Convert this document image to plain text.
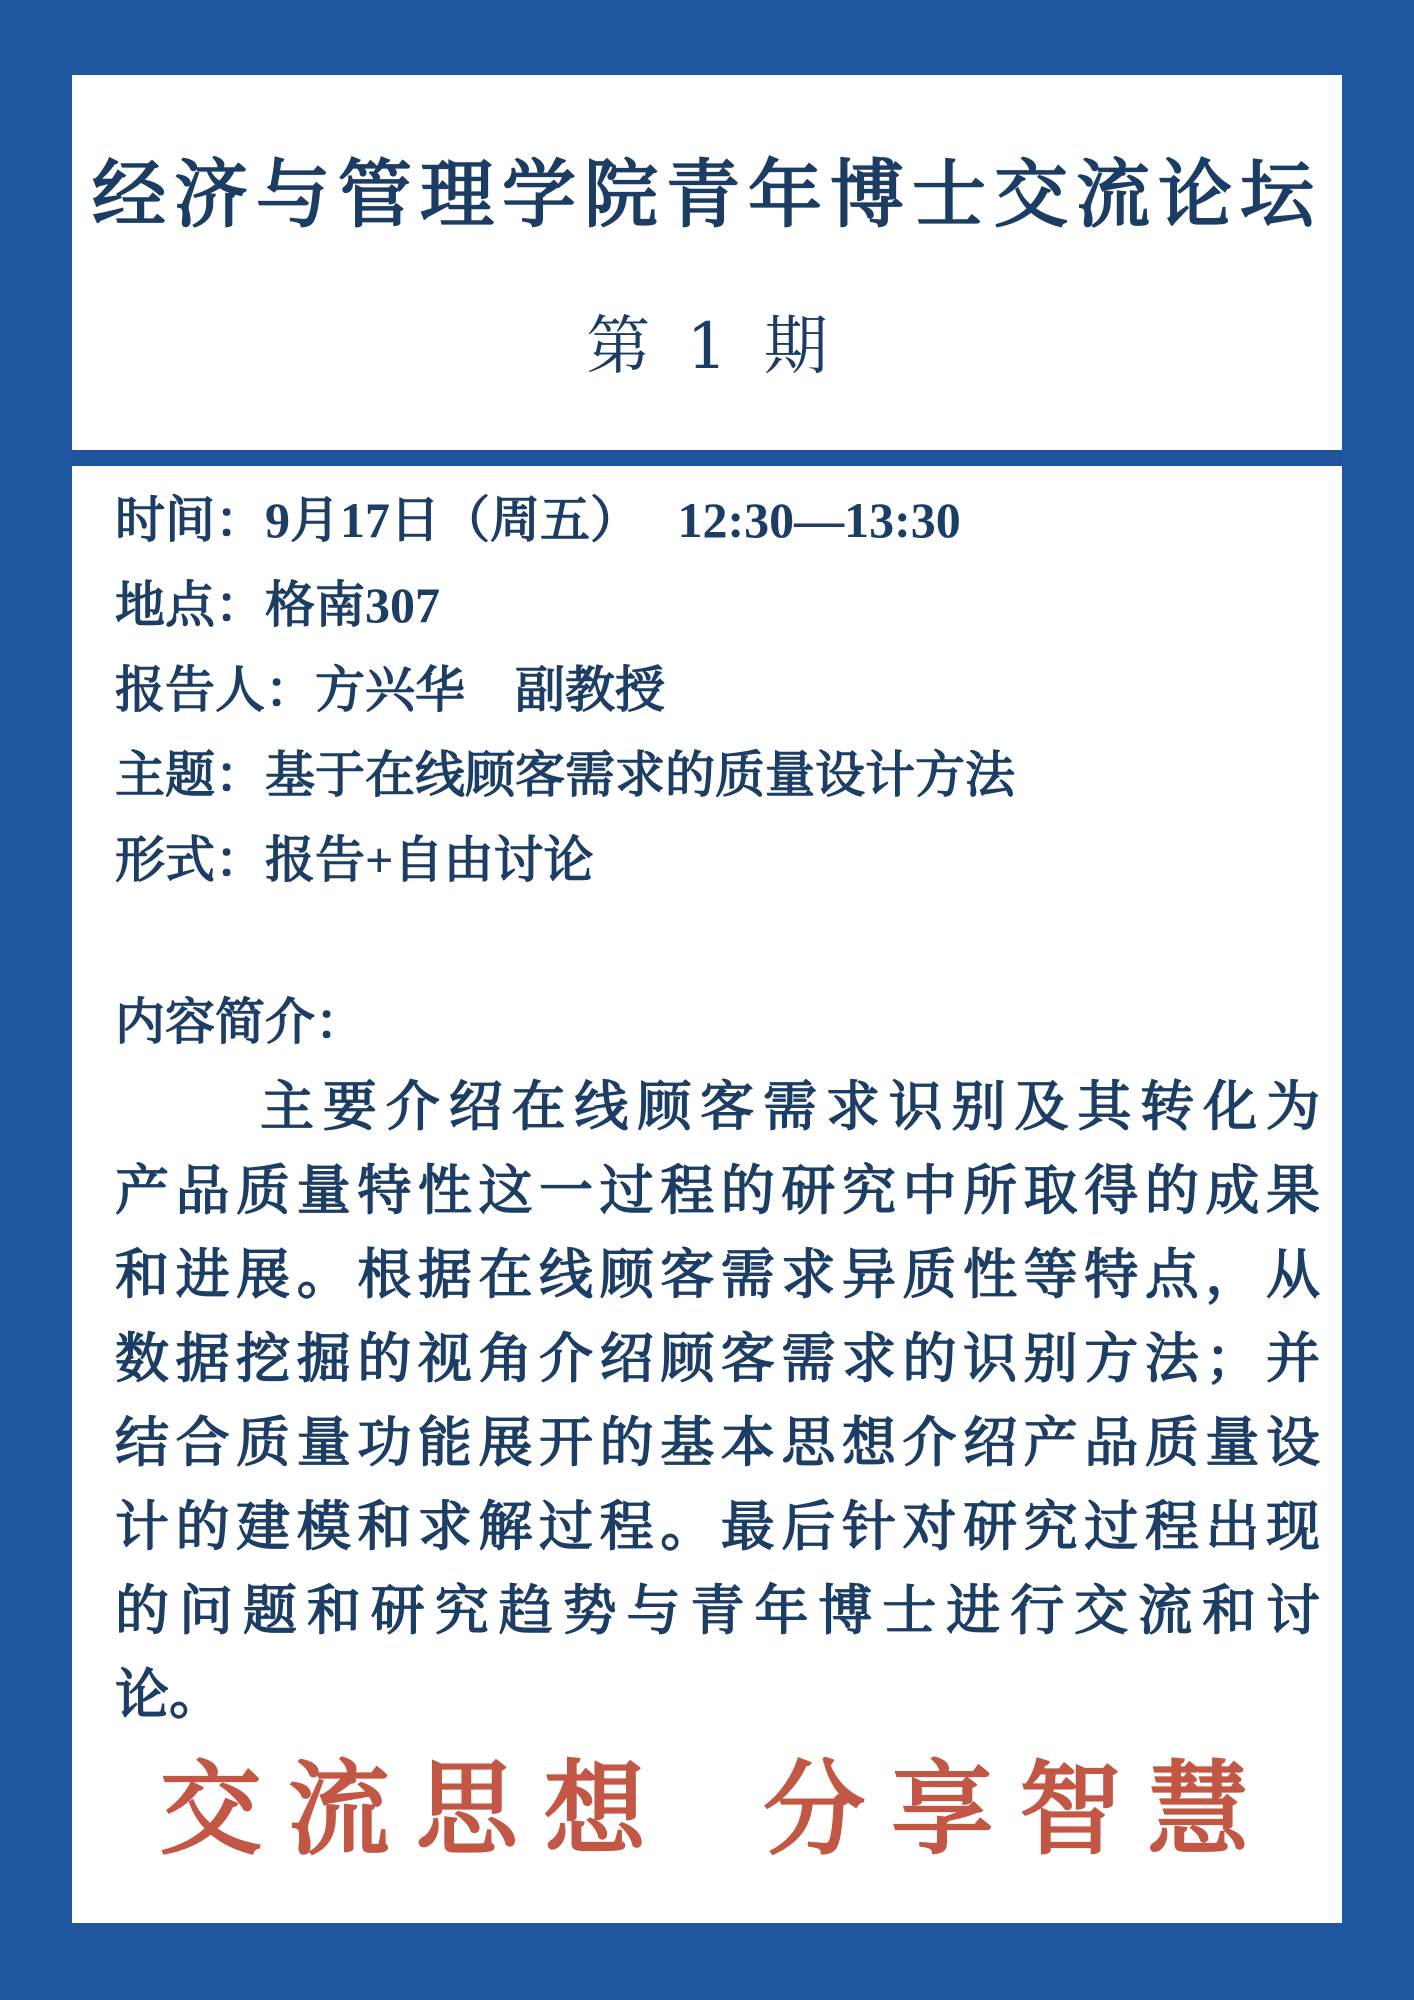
经济与管理学院青年博士交流论坛
第 1 期
时间：9月17日（周五）　 12:30—13:30
地点：格南307
报告人：方兴华　副教授
主题：基于在线顾客需求的质量设计方法
形式：报告+自由讨论
内容简介：
主要介绍在线顾客需求识别及其转化为
产品质量特性这一过程的研究中所取得的成果
和进展。根据在线顾客需求异质性等特点，从
数据挖掘的视角介绍顾客需求的识别方法；并
结合质量功能展开的基本思想介绍产品质量设
计的建模和求解过程。最后针对研究过程出现
的问题和研究趋势与青年博士进行交流和讨
论。
交流思想 分享智慧
